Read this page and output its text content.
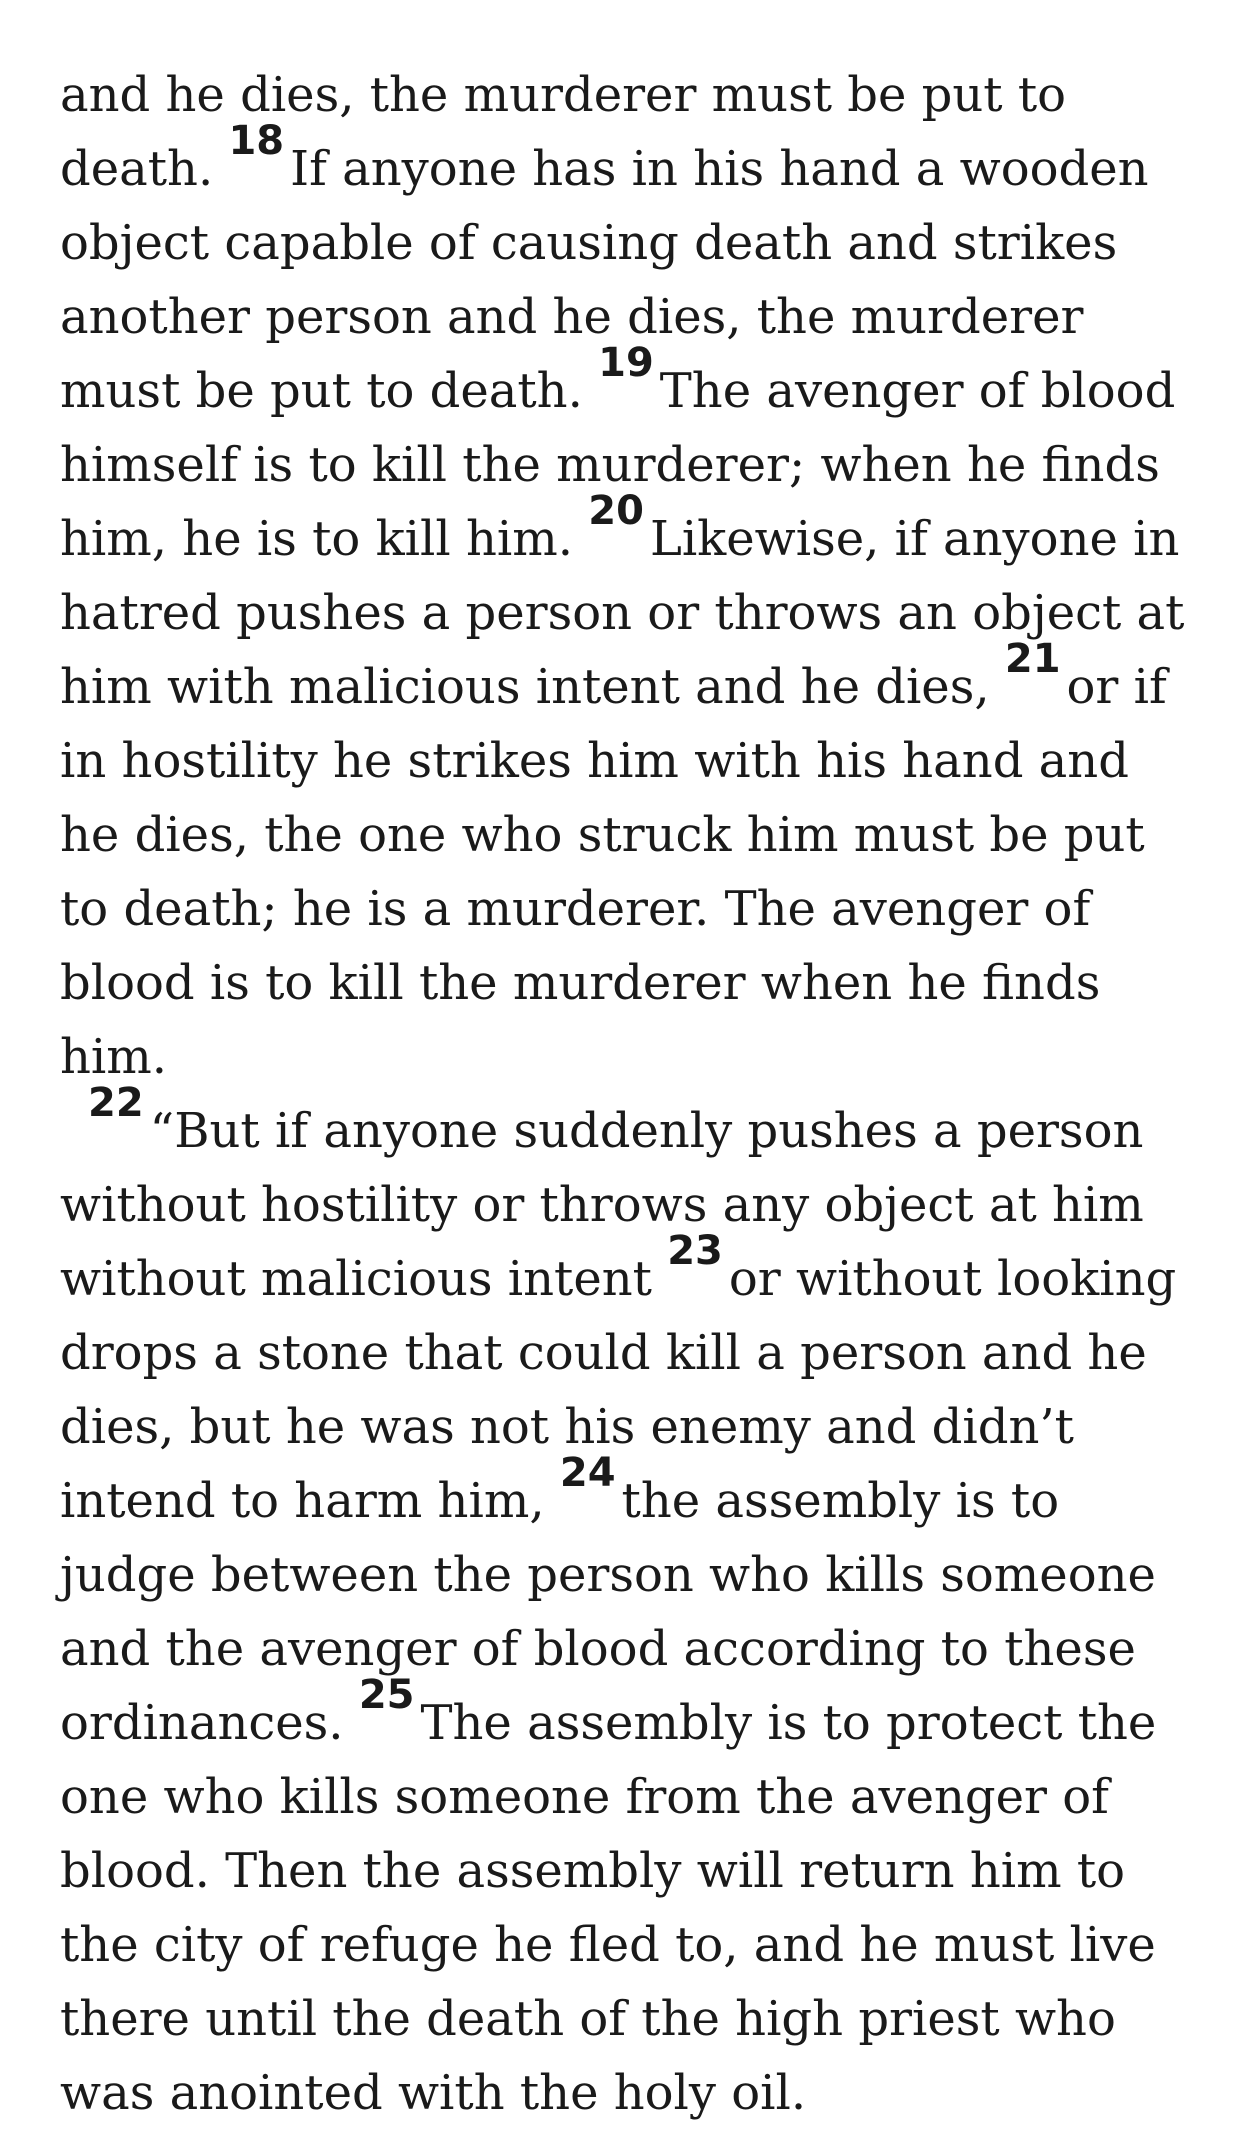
and he dies, the murderer must be put to death. $^{18}$ If anyone has in his hand a wooden object capable of causing death and strikes another person and he dies, the murderer must be put to death. $^{19}$ The avenger of blood himself is to kill the murderer; when he finds him, he is to kill him. $^{20}$ Likewise, if anyone in hatred pushes a person or throws an object at him with malicious intent and he dies, $^{21}$ or if in hostility he strikes him with his hand and he dies, the one who struck him must be put to death; he is a murderer. The avenger of blood is to kill the murderer when he finds him.

$^{22}$ “But if anyone suddenly pushes a person without hostility or throws any object at him without malicious intent $^{23}$ or without looking drops a stone that could kill a person and he dies, but he was not his enemy and didn’t intend to harm him, $^{24}$ the assembly is to judge between the person who kills someone and the avenger of blood according to these ordinances. $^{25}$ The assembly is to protect the one who kills someone from the avenger of blood. Then the assembly will return him to the city of refuge he fled to, and he must live there until the death of the high priest who was anointed with the holy oil.
